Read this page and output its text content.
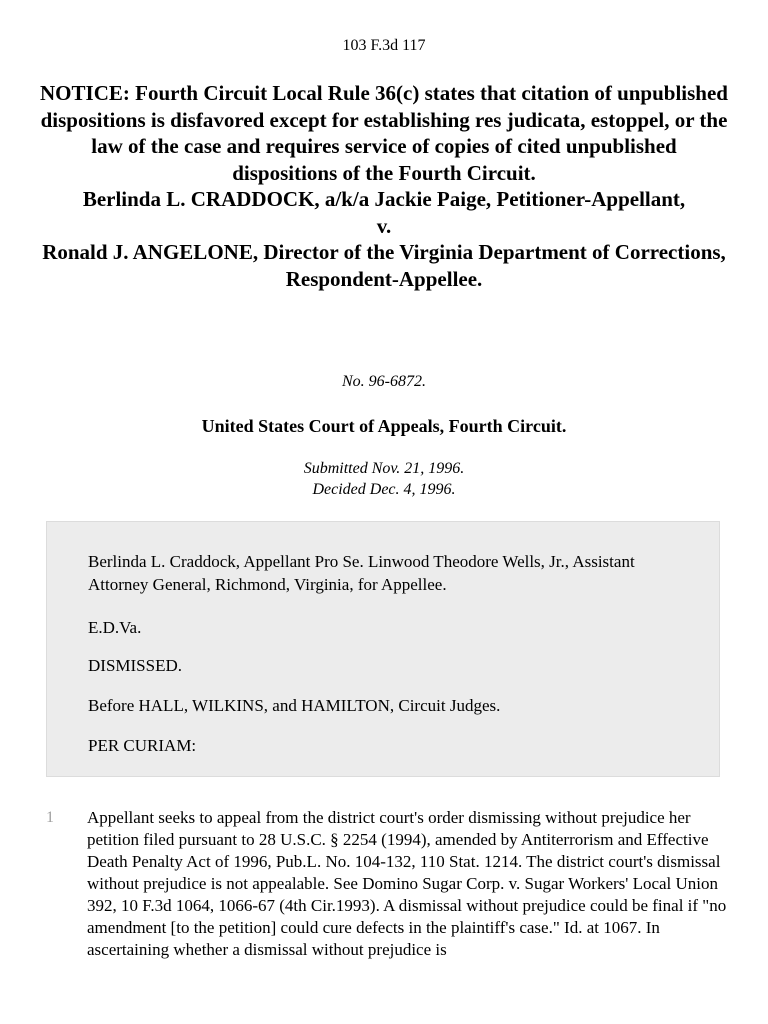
103 F.3d 117
NOTICE: Fourth Circuit Local Rule 36(c) states that citation of unpublished dispositions is disfavored except for establishing res judicata, estoppel, or the law of the case and requires service of copies of cited unpublished dispositions of the Fourth Circuit.
Berlinda L. CRADDOCK, a/k/a Jackie Paige, Petitioner-Appellant,
v.
Ronald J. ANGELONE, Director of the Virginia Department of Corrections, Respondent-Appellee.
No. 96-6872.
United States Court of Appeals, Fourth Circuit.
Submitted Nov. 21, 1996.
Decided Dec. 4, 1996.

Berlinda L. Craddock, Appellant Pro Se. Linwood Theodore Wells, Jr., Assistant Attorney General, Richmond, Virginia, for Appellee.

E.D.Va.

DISMISSED.

Before HALL, WILKINS, and HAMILTON, Circuit Judges.

PER CURIAM:

1	Appellant seeks to appeal from the district court's order dismissing without prejudice her petition filed pursuant to 28 U.S.C. § 2254 (1994), amended by Antiterrorism and Effective Death Penalty Act of 1996, Pub.L. No. 104-132, 110 Stat. 1214. The district court's dismissal without prejudice is not appealable. See Domino Sugar Corp. v. Sugar Workers' Local Union 392, 10 F.3d 1064, 1066-67 (4th Cir.1993). A dismissal without prejudice could be final if "no amendment [to the petition] could cure defects in the plaintiff's case." Id. at 1067. In ascertaining whether a dismissal without prejudice is
